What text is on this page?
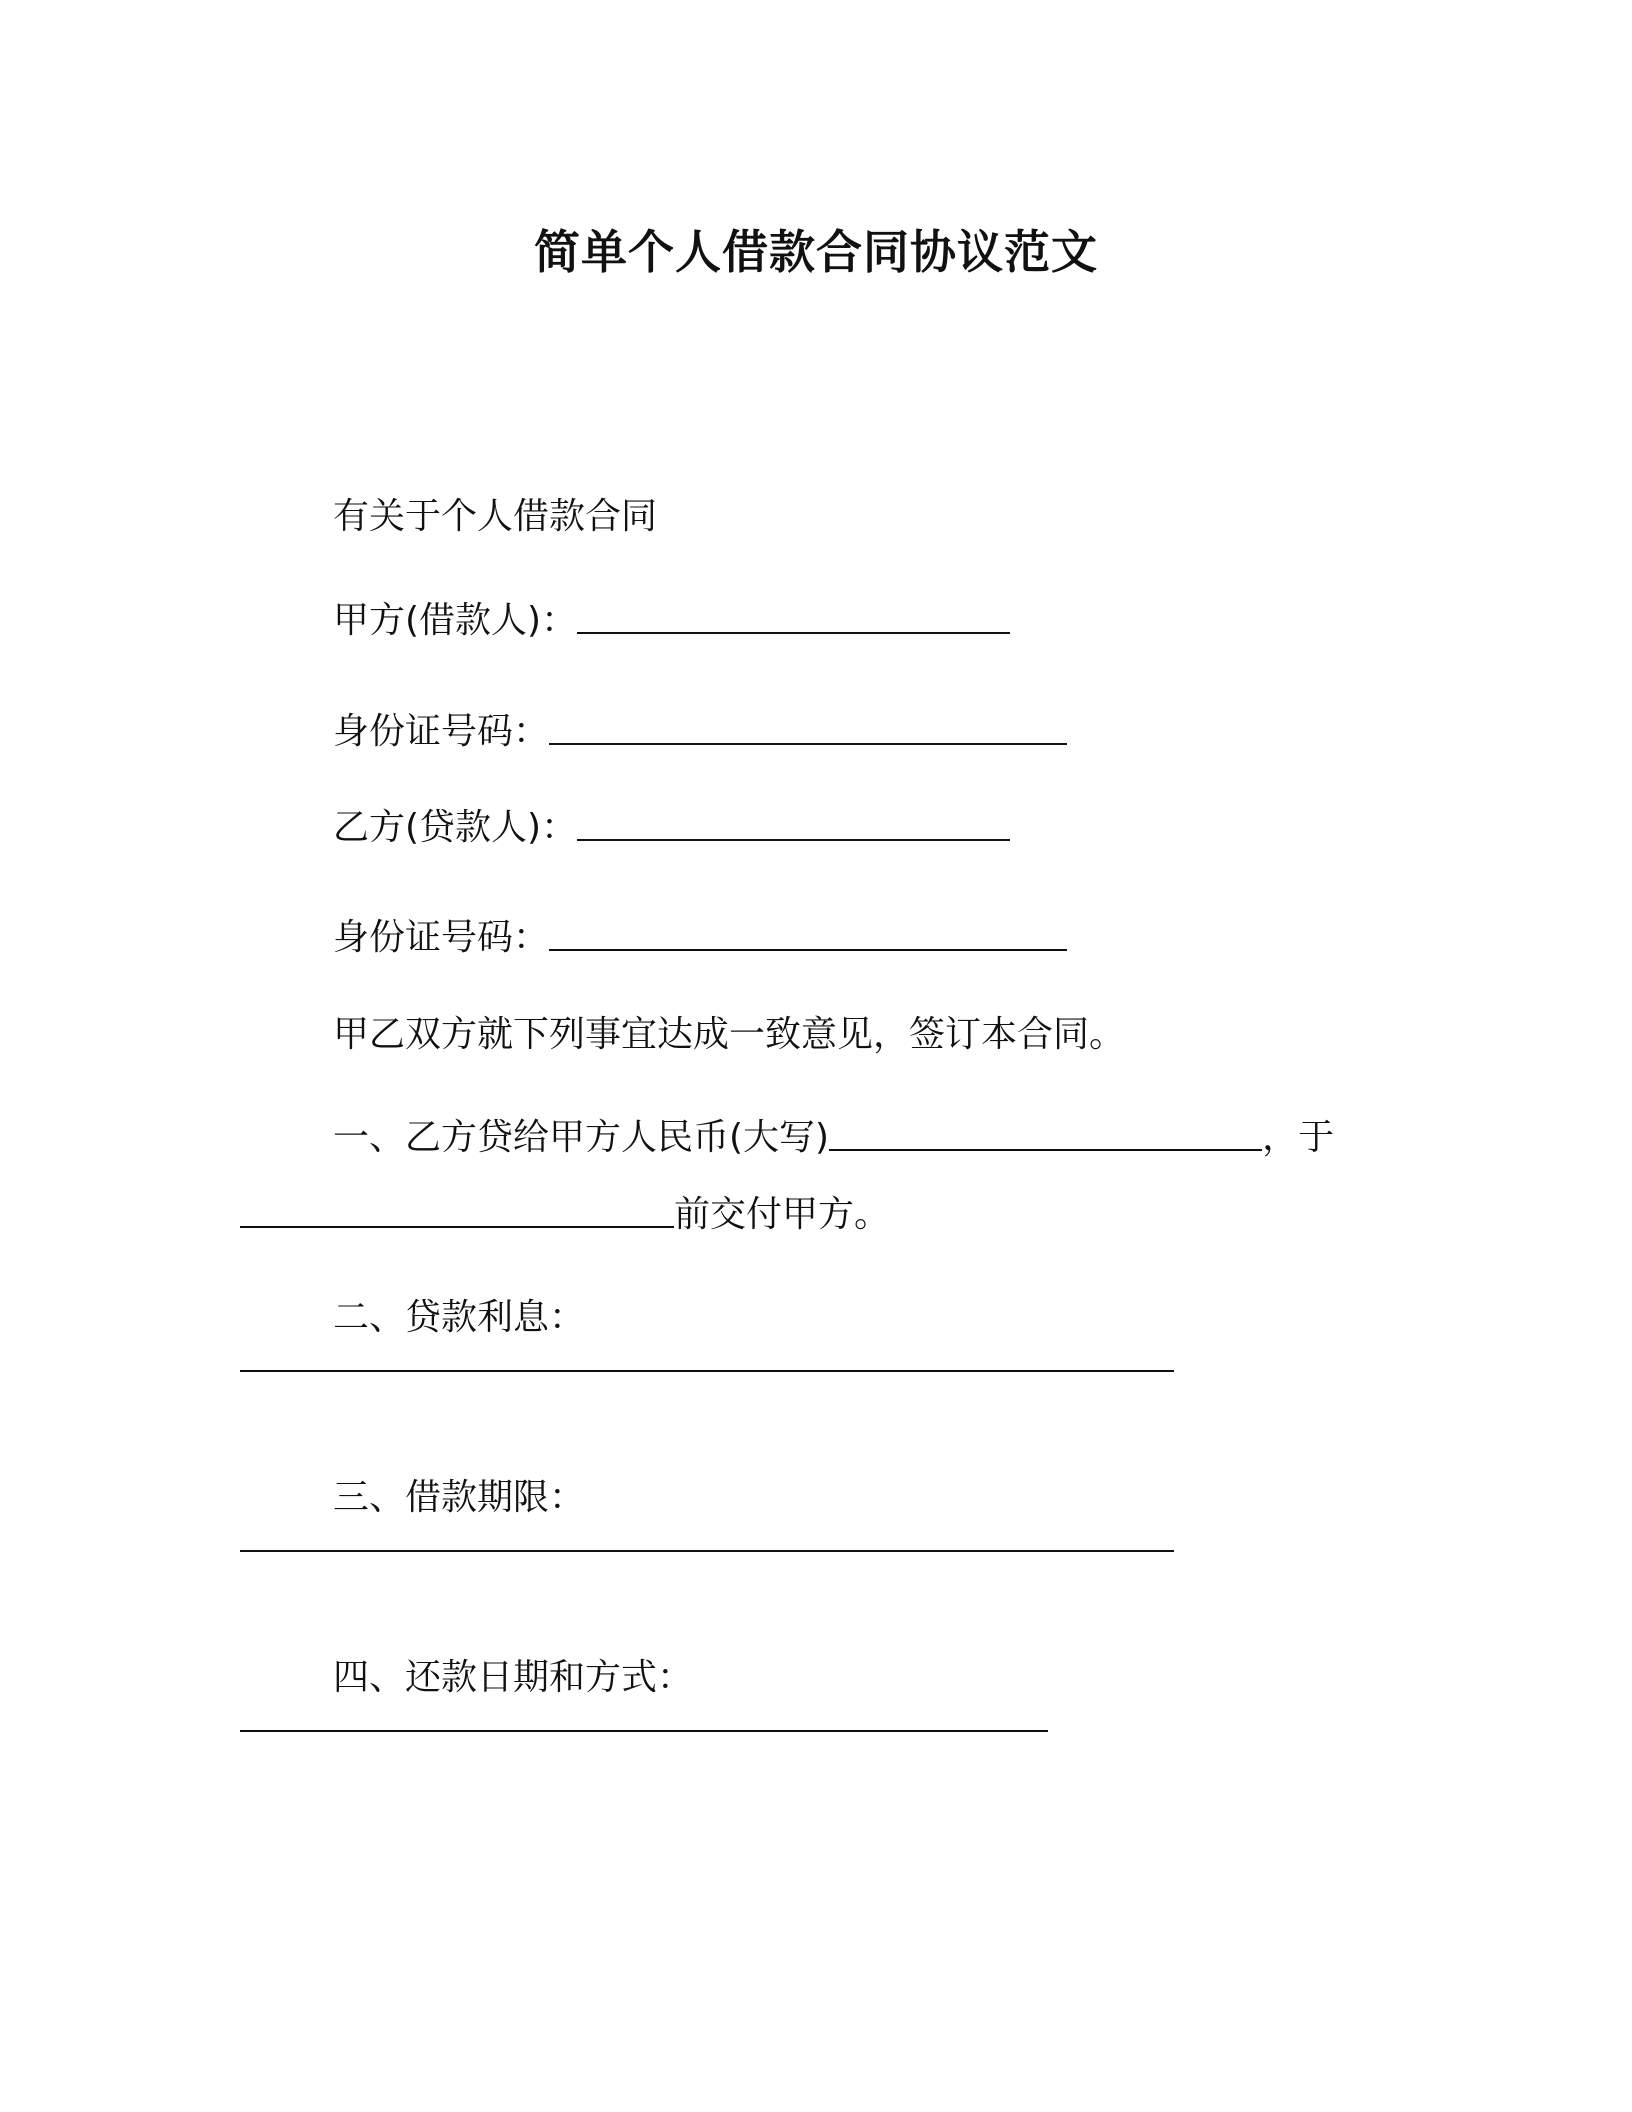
简单个人借款合同协议范文
有关于个人借款合同
甲方(借款人)：
身份证号码：
乙方(贷款人)：
身份证号码：
甲乙双方就下列事宜达成一致意见，签订本合同。
一、乙方贷给甲方人民币(大写)	，于
前交付甲方。
二、贷款利息：
三、借款期限：
四、还款日期和方式：
